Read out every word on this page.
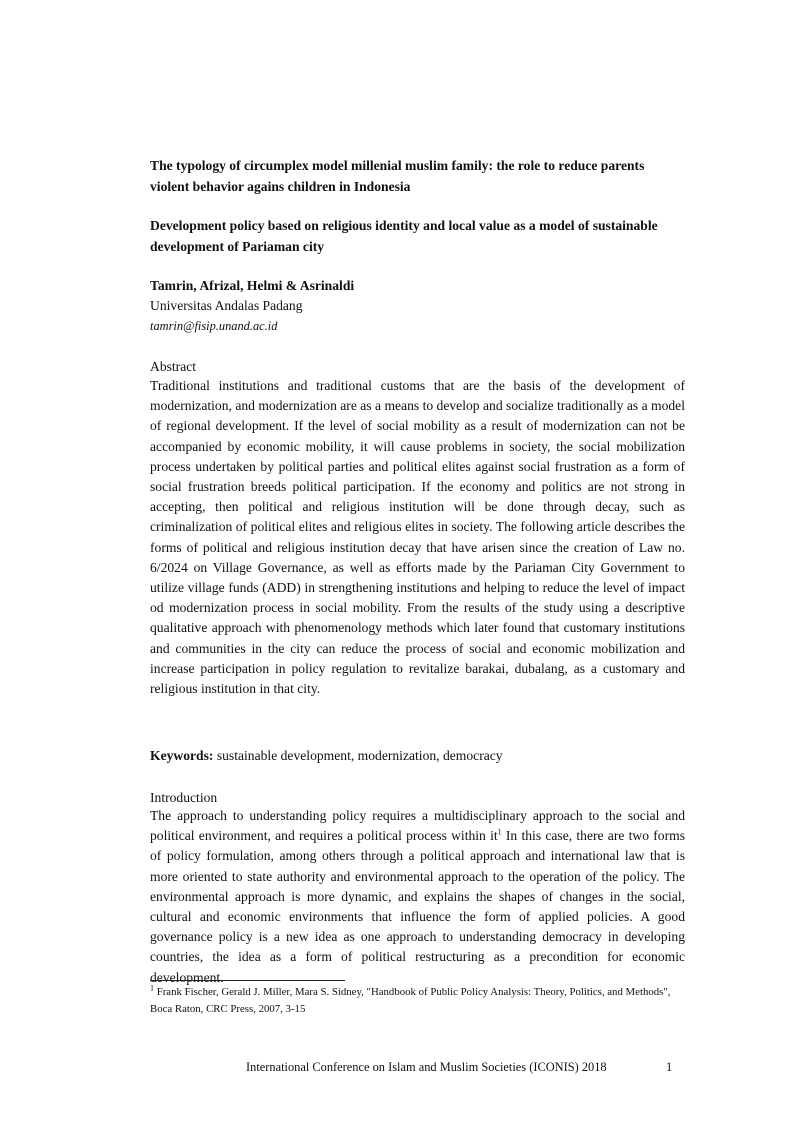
The typology of circumplex model millenial muslim family: the role to reduce parents violent behavior agains children in Indonesia

Development policy based on religious identity and local value as a model of sustainable development of Pariaman city

Tamrin, Afrizal, Helmi & Asrinaldi

Universitas Andalas Padang

tamrin@fisip.unand.ac.id

Abstract

Traditional institutions and traditional customs that are the basis of the development of modernization, and modernization are as a means to develop and socialize traditionally as a model of regional development. If the level of social mobility as a result of modernization can not be accompanied by economic mobility, it will cause problems in society, the social mobilization process undertaken by political parties and political elites against social frustration as a form of social frustration breeds political participation. If the economy and politics are not strong in accepting, then political and religious institution will be done through decay, such as criminalization of political elites and religious elites in society. The following article describes the forms of political and religious institution decay that have arisen since the creation of Law no. 6/2024 on Village Governance, as well as efforts made by the Pariaman City Government to utilize village funds (ADD) in strengthening institutions and helping to reduce the level of impact od modernization process in social mobility. From the results of the study using a descriptive qualitative approach with phenomenology methods which later found that customary institutions and communities in the city can reduce the process of social and economic mobilization and increase participation in policy regulation to revitalize barakai, dubalang, as a customary and religious institution in that city.

Keywords: sustainable development, modernization, democracy

Introduction

The approach to understanding policy requires a multidisciplinary approach to the social and political environment, and requires a political process within $it^1$ In this case, there are two forms of policy formulation, among others through a political approach and international law that is more oriented to state authority and environmental approach to the operation of the policy. The environmental approach is more dynamic, and explains the shapes of changes in the social, cultural and economic environments that influence the form of applied policies. A good governance policy is a new idea as one approach to understanding democracy in developing countries, the idea as a form of political restructuring as a precondition for economic development.

$^1$ Frank Fischer, Gerald J. Miller, Mara S. Sidney, "Handbook of Public Policy Analysis: Theory, Politics, and Methods", Boca Raton, CRC Press, 2007, 3-15

International Conference on Islam and Muslim Societies (ICONIS) 2018	1
